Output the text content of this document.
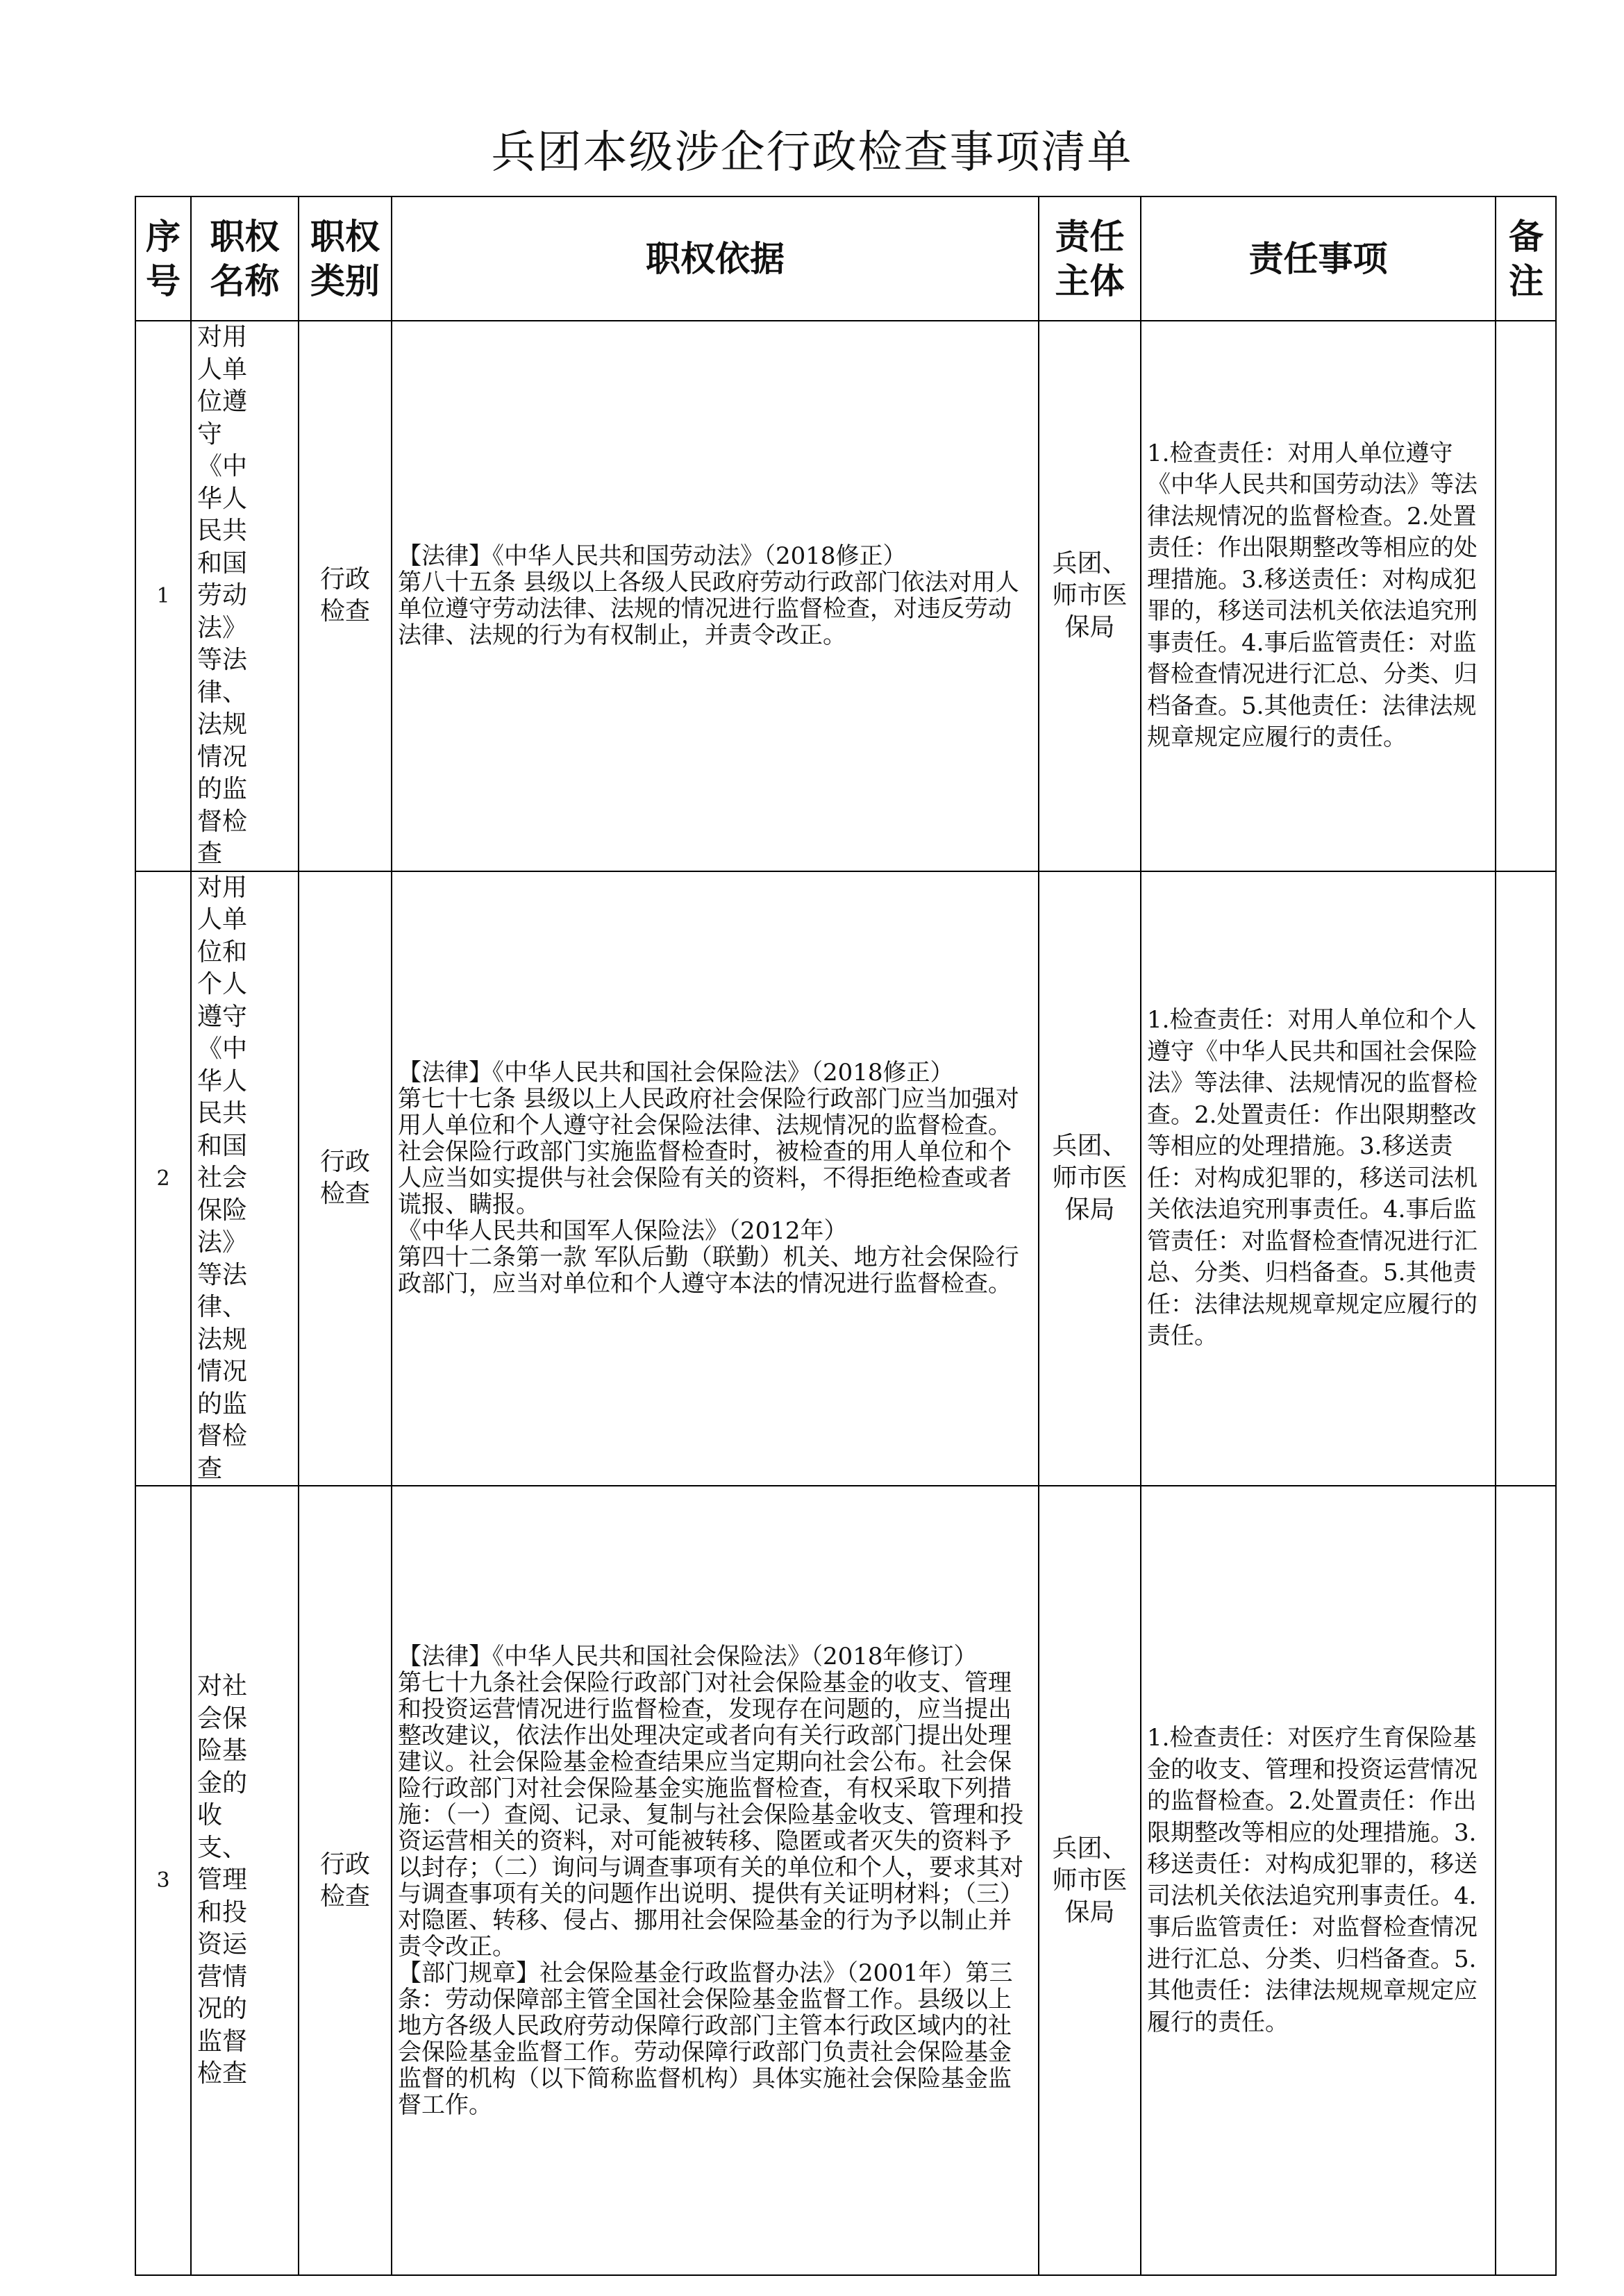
兵团本级涉企行政检查事项清单
序号	职权名称	职权类别	职权依据	责任主体	责任事项	备注
1	对用人单位遵守《中华人民共和国劳动法》等法律、法规情况的监督检查	行政检查	【法律】《中华人民共和国劳动法》（2018修正）
第八十五条 县级以上各级人民政府劳动行政部门依法对用人单位遵守劳动法律、法规的情况进行监督检查，对违反劳动法律、法规的行为有权制止，并责令改正。	兵团、师市医保局	1.检查责任：对用人单位遵守《中华人民共和国劳动法》等法律法规情况的监督检查。2.处置责任：作出限期整改等相应的处理措施。3.移送责任：对构成犯罪的，移送司法机关依法追究刑事责任。4.事后监管责任：对监督检查情况进行汇总、分类、归档备查。5.其他责任：法律法规规章规定应履行的责任。	

2	对用人单位和个人遵守《中华人民共和国社会保险法》等法律、法规情况的监督检查	行政检查	【法律】《中华人民共和国社会保险法》（2018修正）
第七十七条 县级以上人民政府社会保险行政部门应当加强对用人单位和个人遵守社会保险法律、法规情况的监督检查。社会保险行政部门实施监督检查时，被检查的用人单位和个人应当如实提供与社会保险有关的资料，不得拒绝检查或者谎报、瞒报。
《中华人民共和国军人保险法》（2012年）
第四十二条第一款 军队后勤（联勤）机关、地方社会保险行政部门，应当对单位和个人遵守本法的情况进行监督检查。	兵团、师市医保局	1.检查责任：对用人单位和个人遵守《中华人民共和国社会保险法》等法律、法规情况的监督检查。2.处置责任：作出限期整改等相应的处理措施。3.移送责任：对构成犯罪的，移送司法机关依法追究刑事责任。4.事后监管责任：对监督检查情况进行汇总、分类、归档备查。5.其他责任：法律法规规章规定应履行的责任。	

3	对社会保险基金的收支、管理和投资运营情况的监督检查	行政检查	【法律】《中华人民共和国社会保险法》（2018年修订）
第七十九条社会保险行政部门对社会保险基金的收支、管理和投资运营情况进行监督检查，发现存在问题的，应当提出整改建议，依法作出处理决定或者向有关行政部门提出处理建议。社会保险基金检查结果应当定期向社会公布。社会保险行政部门对社会保险基金实施监督检查，有权采取下列措施：（一）查阅、记录、复制与社会保险基金收支、管理和投资运营相关的资料，对可能被转移、隐匿或者灭失的资料予以封存；（二）询问与调查事项有关的单位和个人，要求其对与调查事项有关的问题作出说明、提供有关证明材料；（三）对隐匿、转移、侵占、挪用社会保险基金的行为予以制止并责令改正。
【部门规章】社会保险基金行政监督办法》（2001年）第三条：劳动保障部主管全国社会保险基金监督工作。县级以上地方各级人民政府劳动保障行政部门主管本行政区域内的社会保险基金监督工作。劳动保障行政部门负责社会保险基金监督的机构（以下简称监督机构）具体实施社会保险基金监督工作。	兵团、师市医保局	1.检查责任：对医疗生育保险基金的收支、管理和投资运营情况的监督检查。2.处置责任：作出限期整改等相应的处理措施。3.移送责任：对构成犯罪的，移送司法机关依法追究刑事责任。4.事后监管责任：对监督检查情况进行汇总、分类、归档备查。5.其他责任：法律法规规章规定应履行的责任。	
